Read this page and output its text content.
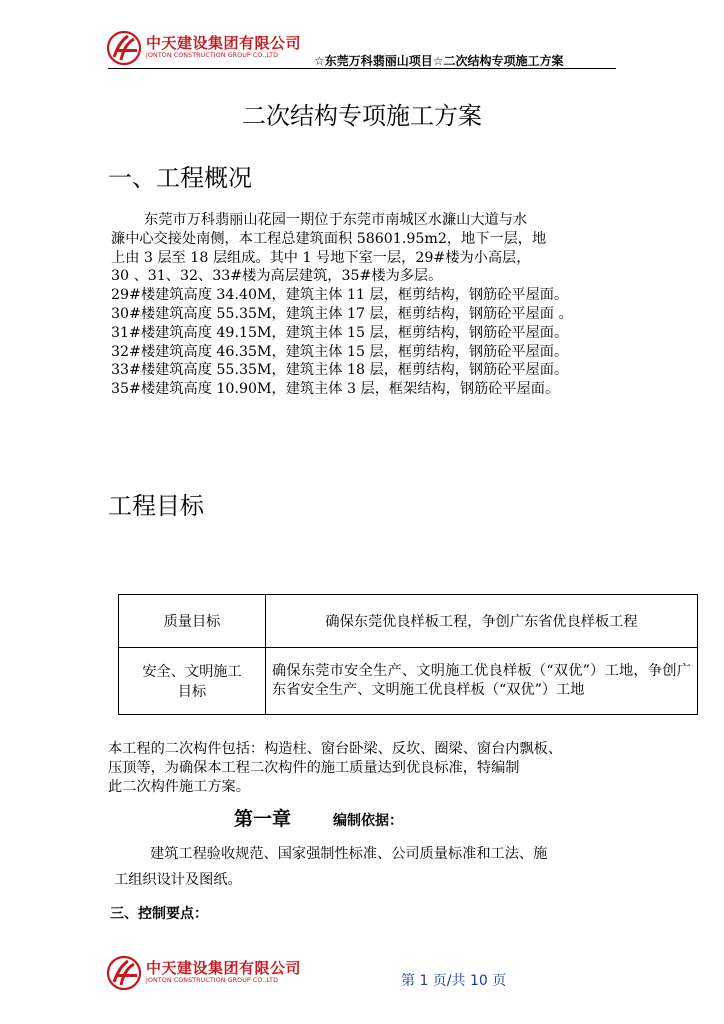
中天建设集团有限公司
JONTON CONSTRUCTION GROUP CO.,LTD	☆东莞万科翡丽山项目☆二次结构专项施工方案
二次结构专项施工方案
一、工程概况
东莞市万科翡丽山花园一期位于东莞市南城区水濂山大道与水
濂中心交接处南侧，本工程总建筑面积 58601.95m2，地下一层，地
上由 3 层至 18 层组成。其中 1 号地下室一层，29#楼为小高层，
30 、31、32、33#楼为高层建筑，35#楼为多层。
29#楼建筑高度 34.40M，建筑主体 11 层，框剪结构，钢筋砼平屋面。
30#楼建筑高度 55.35M，建筑主体 17 层，框剪结构，钢筋砼平屋面 。
31#楼建筑高度 49.15M，建筑主体 15 层，框剪结构，钢筋砼平屋面。
32#楼建筑高度 46.35M，建筑主体 15 层，框剪结构，钢筋砼平屋面。
33#楼建筑高度 55.35M，建筑主体 18 层，框剪结构，钢筋砼平屋面。
35#楼建筑高度 10.90M，建筑主体 3 层，框架结构，钢筋砼平屋面。
工程目标
质量目标	确保东莞优良样板工程，争创广东省优良样板工程

安全、文明施工
目标	确保东莞市安全生产、文明施工优良样板（“双优”）工地，争创广东省安全生产、文明施工优良样板（“双优”）工地
本工程的二次构件包括：构造柱、窗台卧梁、反坎、圈梁、窗台内飘板、
压顶等，为确保本工程二次构件的施工质量达到优良标准，特编制
此二次构件施工方案。
第一章	编制依据：
建筑工程验收规范、国家强制性标准、公司质量标准和工法、施
工组织设计及图纸。
三、控制要点：
中天建设集团有限公司
JONTON CONSTRUCTION GROUP CO.,LTD	第 1 页/共 10 页
